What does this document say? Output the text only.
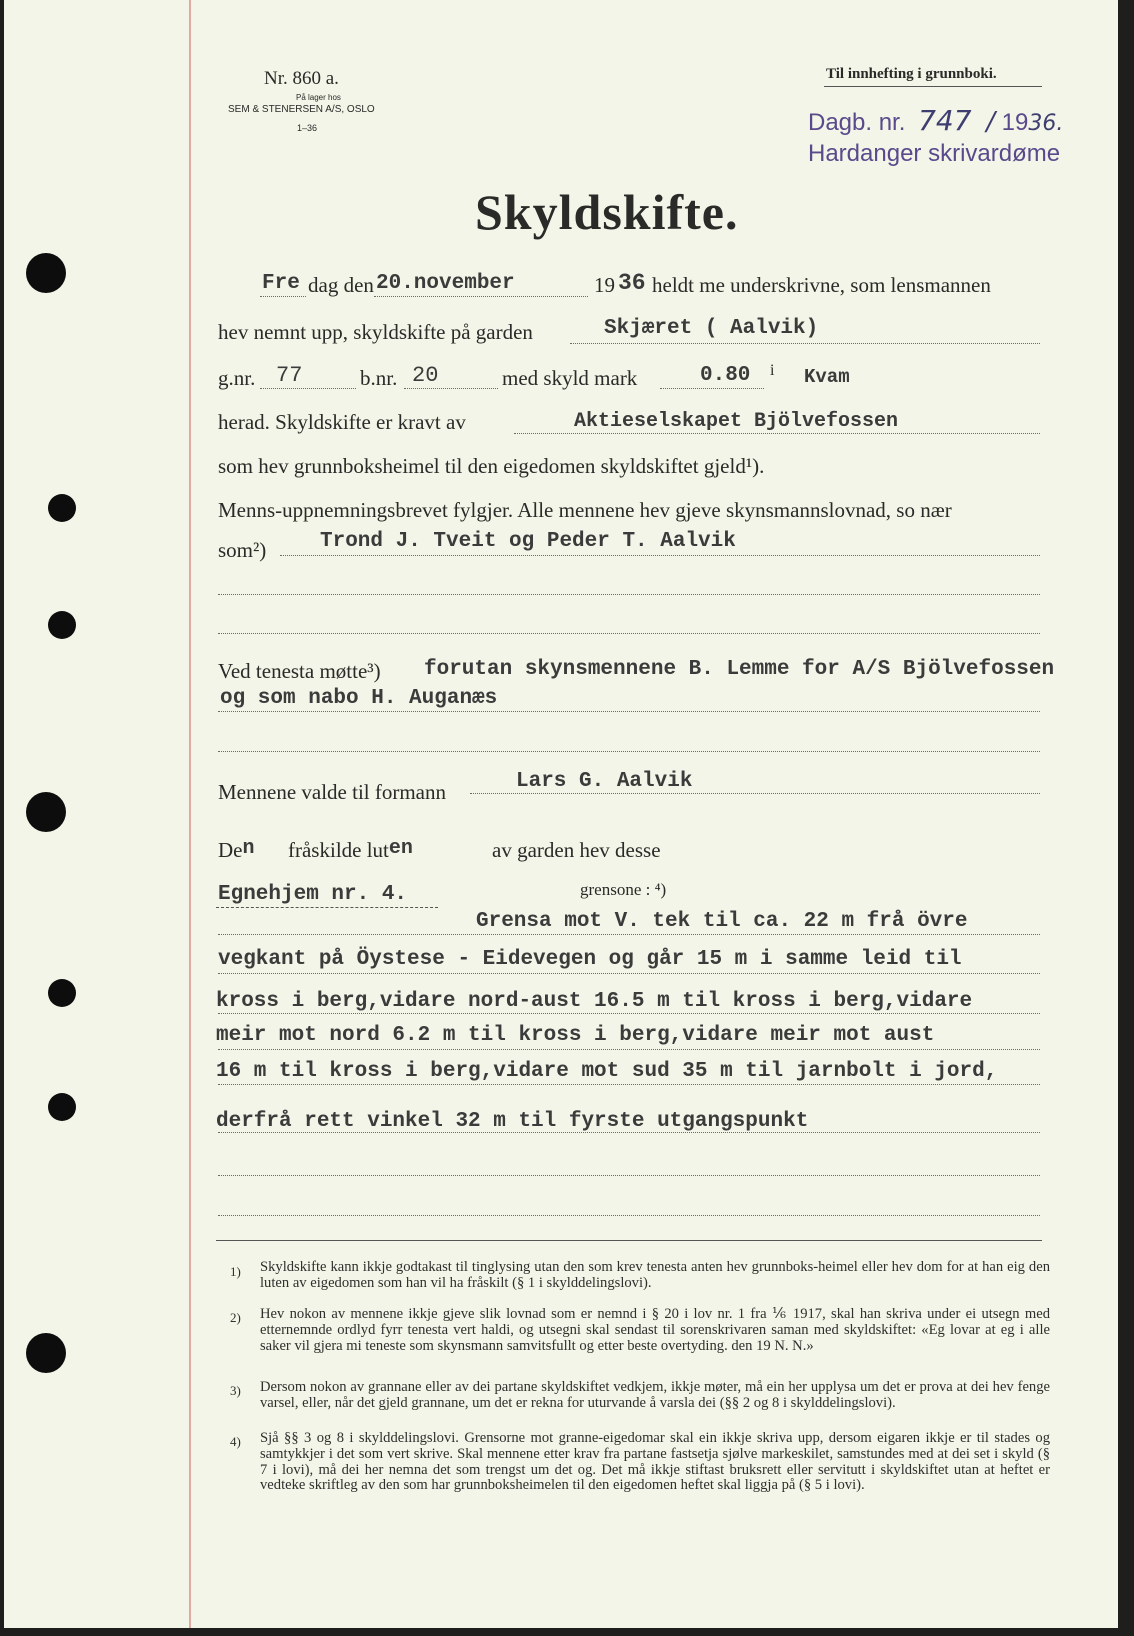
Nr. 860 a.
På lager hos
SEM & STENERSEN A/S, OSLO
1–36
Til innhefting i grunnboki.
Dagb. nr. 747 / 1936.
Hardanger skrivardøme
Skyldskifte.
Fre dag den 20.november	19 36 heldt me underskrivne, som lensmannen
hev nemnt upp, skyldskifte på garden	Skjæret ( Aalvik)
g.nr. 77	b.nr. 20	med skyld mark	0.80 i Kvam
herad. Skyldskifte er kravt av	Aktieselskapet Bjölvefossen
som hev grunnboksheimel til den eigedomen skyldskiftet gjeld¹).
Menns-uppnemningsbrevet fylgjer. Alle mennene hev gjeve skynsmannslovnad, so nær
som²)	Trond J. Tveit og Peder T. Aalvik
Ved tenesta møtte³) forutan skynsmennene B. Lemme for A/S Bjölvefossen
og som nabo H. Auganæs
Mennene valde til formann	Lars G. Aalvik
Den fråskilde luten	av garden hev desse
Egnehjem nr. 4.	grensone : ⁴)
Grensa mot V. tek til ca. 22 m frå övre
vegkant på Öystese - Eidevegen og går 15 m i samme leid til
kross i berg,vidare nord-aust 16.5 m til kross i berg,vidare
meir mot nord 6.2 m til kross i berg,vidare meir mot aust
16 m til kross i berg,vidare mot sud 35 m til jarnbolt i jord,
derfrå rett vinkel 32 m til fyrste utgangspunkt
1) Skyldskifte kann ikkje godtakast til tinglysing utan den som krev tenesta anten hev grunnboks-heimel eller hev dom for at han eig den luten av eigedomen som han vil ha fråskilt (§ 1 i skylddelingslovi).
2) Hev nokon av mennene ikkje gjeve slik lovnad som er nemnd i § 20 i lov nr. 1 fra ⅙ 1917, skal han skriva under ei utsegn med etternemnde ordlyd fyrr tenesta vert haldi, og utsegni skal sendast til sorenskrivaren saman med skyldskiftet: «Eg lovar at eg i alle saker vil gjera mi teneste som skynsmann samvitsfullt og etter beste overtyding. den 19 N. N.»
3) Dersom nokon av grannane eller av dei partane skyldskiftet vedkjem, ikkje møter, må ein her upplysa um det er prova at dei hev fenge varsel, eller, når det gjeld grannane, um det er rekna for uturvande å varsla dei (§§ 2 og 8 i skylddelingslovi).
4) Sjå §§ 3 og 8 i skylddelingslovi. Grensorne mot granne-eigedomar skal ein ikkje skriva upp, dersom eigaren ikkje er til stades og samtykkjer i det som vert skrive. Skal mennene etter krav fra partane fastsetja sjølve markeskilet, samstundes med at dei set i skyld (§ 7 i lovi), må dei her nemna det som trengst um det og. Det må ikkje stiftast bruksrett eller servitutt i skyldskiftet utan at heftet er vedteke skriftleg av den som har grunnboksheimelen til den eigedomen heftet skal liggja på (§ 5 i lovi).
